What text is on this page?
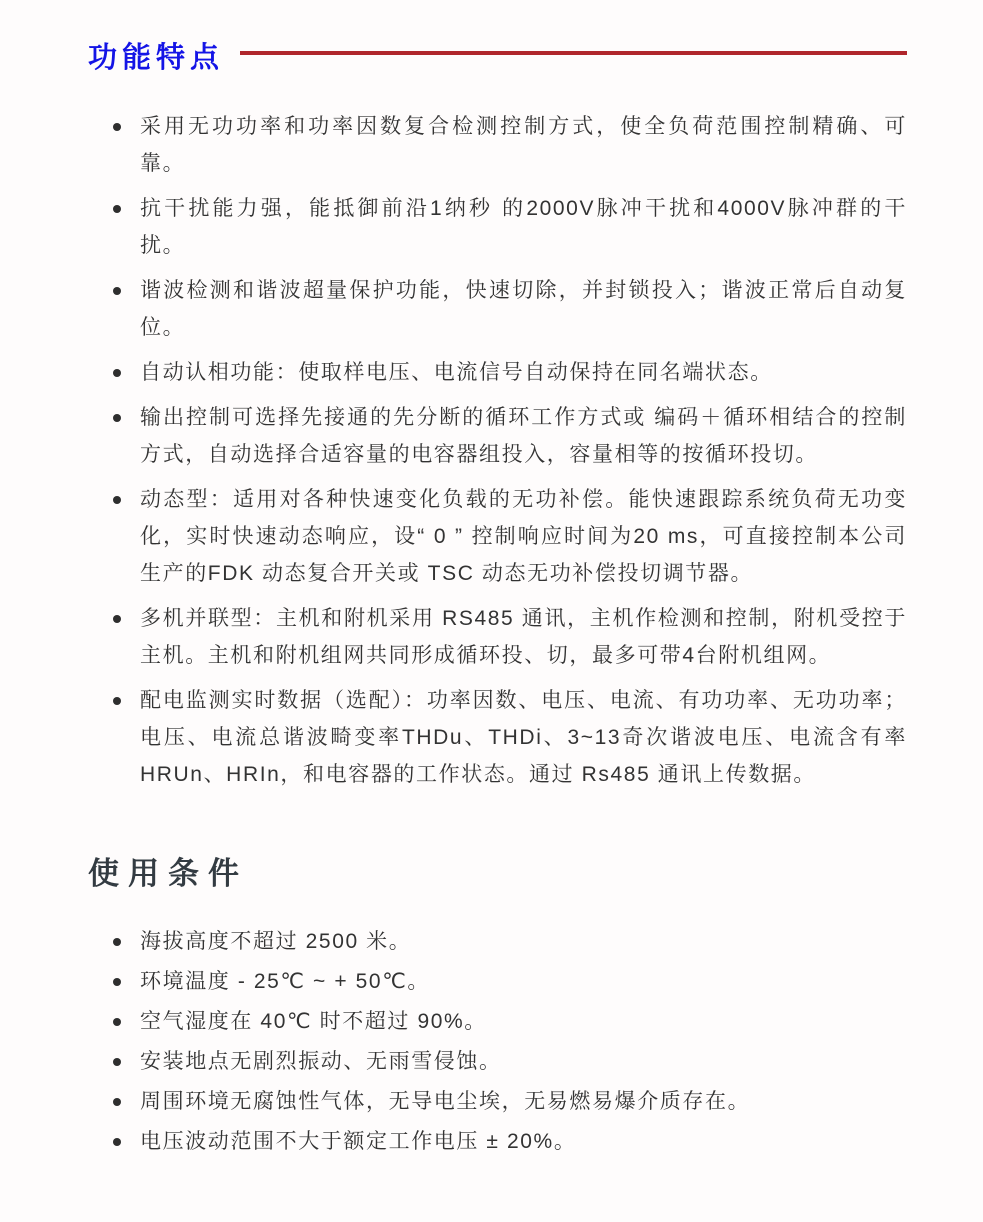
功能特点
采用无功功率和功率因数复合检测控制方式，使全负荷范围控制精确、可靠。
抗干扰能力强，能抵御前沿1纳秒 的2000V脉冲干扰和4000V脉冲群的干扰。
谐波检测和谐波超量保护功能，快速切除，并封锁投入；谐波正常后自动复位。
自动认相功能：使取样电压、电流信号自动保持在同名端状态。
输出控制可选择先接通的先分断的循环工作方式或 编码＋循环相结合的控制方式，自动选择合适容量的电容器组投入，容量相等的按循环投切。
动态型：适用对各种快速变化负载的无功补偿。能快速跟踪系统负荷无功变化，实时快速动态响应，设“ 0 ” 控制响应时间为20 ms，可直接控制本公司生产的FDK 动态复合开关或 TSC 动态无功补偿投切调节器。
多机并联型：主机和附机采用 RS485 通讯，主机作检测和控制，附机受控于主机。主机和附机组网共同形成循环投、切，最多可带4台附机组网。
配电监测实时数据（选配）：功率因数、电压、电流、有功功率、无功功率；电压、电流总谐波畸变率THDu、THDi、3~13奇次谐波电压、电流含有率HRUn、HRIn，和电容器的工作状态。通过 Rs485 通讯上传数据。
使用条件
海拔高度不超过 2500 米。
环境温度 - 25℃ ~ + 50℃。
空气湿度在 40℃ 时不超过 90%。
安装地点无剧烈振动、无雨雪侵蚀。
周围环境无腐蚀性气体，无导电尘埃，无易燃易爆介质存在。
电压波动范围不大于额定工作电压 ± 20%。
